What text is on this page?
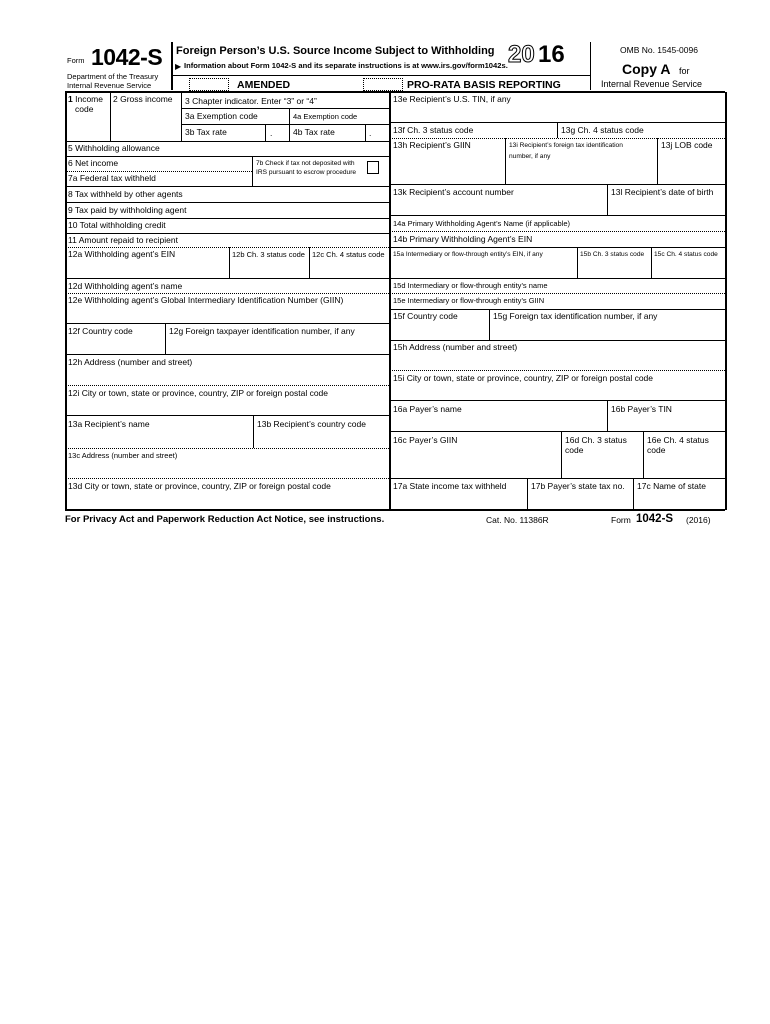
Form 1042-S
Department of the Treasury
Internal Revenue Service
Foreign Person’s U.S. Source Income Subject to Withholding
▶ Information about Form 1042-S and its separate instructions is at www.irs.gov/form1042s. 20 16	OMB No. 1545-0096
Copy A for
Internal Revenue Service
AMENDED	PRO-RATA BASIS REPORTING
1 Income
code
2 Gross income 3 Chapter indicator. Enter “3” or “4”
3a Exemption code	4a Exemption code
3b Tax rate	. 4b Tax rate	.
5 Withholding allowance
6 Net income	7b Check if tax not deposited with
IRS pursuant to escrow procedure
7a Federal tax withheld
8 Tax withheld by other agents
9 Tax paid by withholding agent
10 Total withholding credit
11 Amount repaid to recipient
12a Withholding agent’s EIN	12b Ch. 3 status code 12c Ch. 4 status code
12d Withholding agent’s name
12e Withholding agent’s Global Intermediary Identification Number (GIIN)
12f Country code	12g Foreign taxpayer identification number, if any
12h Address (number and street)
12i City or town, state or province, country, ZIP or foreign postal code
13a Recipient’s name	13b Recipient’s country code
13c Address (number and street)
13d City or town, state or province, country, ZIP or foreign postal code
13e Recipient’s U.S. TIN, if any
13f Ch. 3 status code	13g Ch. 4 status code
13h Recipient’s GIIN	13i Recipient’s foreign tax identification
number, if any
13j LOB code
13k Recipient’s account number	13l Recipient’s date of birth
14a Primary Withholding Agent’s Name (if applicable)
14b Primary Withholding Agent’s EIN
15a Intermediary or flow-through entity’s EIN, if any	15b Ch. 3 status code 15c Ch. 4 status code
15d Intermediary or flow-through entity’s name
15e Intermediary or flow-through entity’s GIIN
15f Country code	15g Foreign tax identification number, if any
15h Address (number and street)
15i City or town, state or province, country, ZIP or foreign postal code
16a Payer’s name	16b Payer’s TIN
16c Payer’s GIIN	16d Ch. 3 status
code
16e Ch. 4 status
code
17a State income tax withheld	17b Payer’s state tax no. 17c Name of state
For Privacy Act and Paperwork Reduction Act Notice, see instructions.	Cat. No. 11386R	Form 1042-S (2016)
